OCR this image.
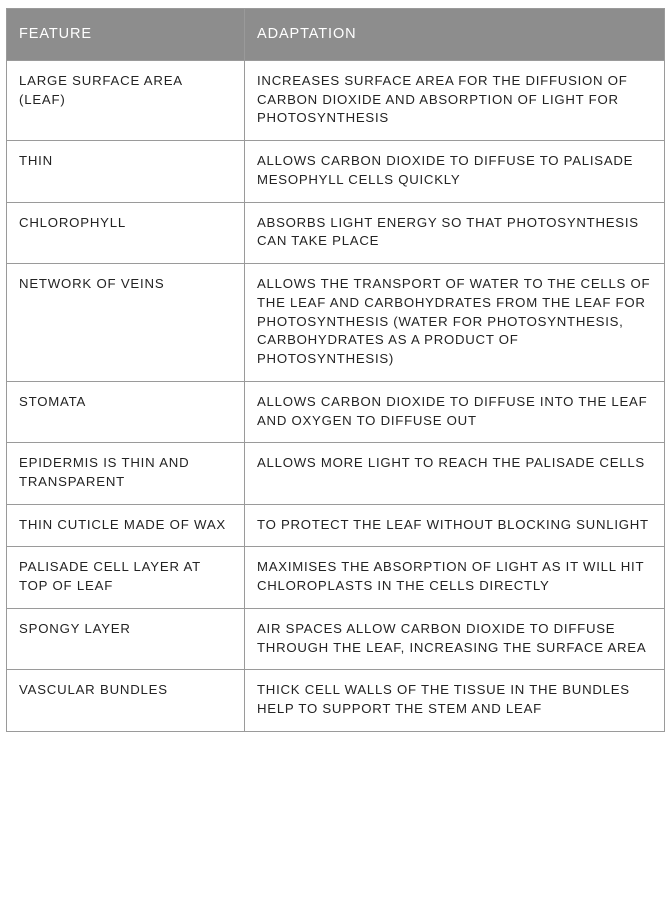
FEATURE	ADAPTATION
LARGE SURFACE AREA (LEAF)	INCREASES SURFACE AREA FOR THE DIFFUSION OF CARBON DIOXIDE AND ABSORPTION OF LIGHT FOR PHOTOSYNTHESIS
THIN	ALLOWS CARBON DIOXIDE TO DIFFUSE TO PALISADE MESOPHYLL CELLS QUICKLY
CHLOROPHYLL	ABSORBS LIGHT ENERGY SO THAT PHOTOSYNTHESIS CAN TAKE PLACE
NETWORK OF VEINS	ALLOWS THE TRANSPORT OF WATER TO THE CELLS OF THE LEAF AND CARBOHYDRATES FROM THE LEAF FOR PHOTOSYNTHESIS (WATER FOR PHOTOSYNTHESIS, CARBOHYDRATES AS A PRODUCT OF PHOTOSYNTHESIS)
STOMATA	ALLOWS CARBON DIOXIDE TO DIFFUSE INTO THE LEAF AND OXYGEN TO DIFFUSE OUT
EPIDERMIS IS THIN AND TRANSPARENT	ALLOWS MORE LIGHT TO REACH THE PALISADE CELLS
THIN CUTICLE MADE OF WAX	TO PROTECT THE LEAF WITHOUT BLOCKING SUNLIGHT
PALISADE CELL LAYER AT TOP OF LEAF	MAXIMISES THE ABSORPTION OF LIGHT AS IT WILL HIT CHLOROPLASTS IN THE CELLS DIRECTLY
SPONGY LAYER	AIR SPACES ALLOW CARBON DIOXIDE TO DIFFUSE THROUGH THE LEAF, INCREASING THE SURFACE AREA
VASCULAR BUNDLES	THICK CELL WALLS OF THE TISSUE IN THE BUNDLES HELP TO SUPPORT THE STEM AND LEAF
